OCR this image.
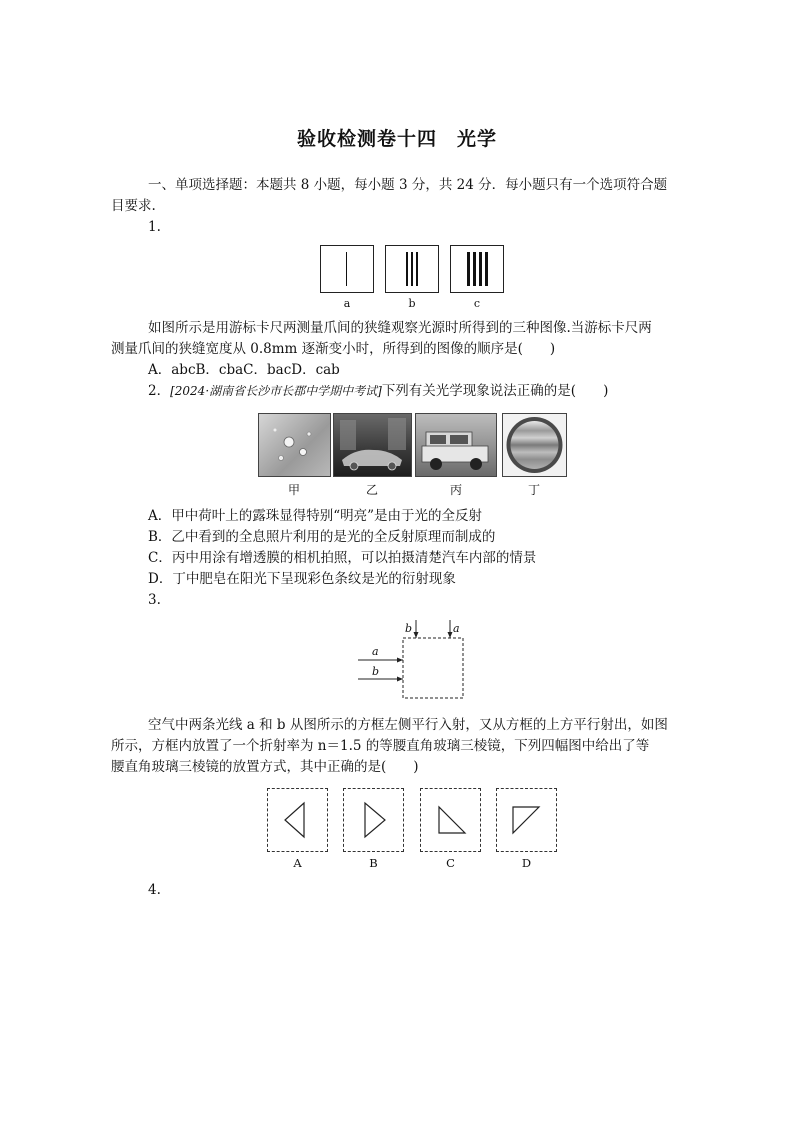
验收检测卷十四　光学
一、单项选择题：本题共 8 小题，每小题 3 分，共 24 分．每小题只有一个选项符合题
目要求.
1.
a	b	c
如图所示是用游标卡尺两测量爪间的狭缝观察光源时所得到的三种图像.当游标卡尺两
测量爪间的狭缝宽度从 0.8mm 逐渐变小时，所得到的图像的顺序是(　　)
A．abcB．cbaC．bacD．cab
2．[2024·湖南省长沙市长郡中学期中考试]下列有关光学现象说法正确的是(　　)
甲	乙	丙	丁
A．甲中荷叶上的露珠显得特别“明亮”是由于光的全反射
B．乙中看到的全息照片利用的是光的全反射原理而制成的
C．丙中用涂有增透膜的相机拍照，可以拍摄清楚汽车内部的情景
D．丁中肥皂在阳光下呈现彩色条纹是光的衍射现象
3.
a
b
b	a
空气中两条光线 a 和 b 从图所示的方框左侧平行入射，又从方框的上方平行射出，如图
所示，方框内放置了一个折射率为 n＝1.5 的等腰直角玻璃三棱镜，下列四幅图中给出了等
腰直角玻璃三棱镜的放置方式，其中正确的是(　　)
A	B	C	D
4.
